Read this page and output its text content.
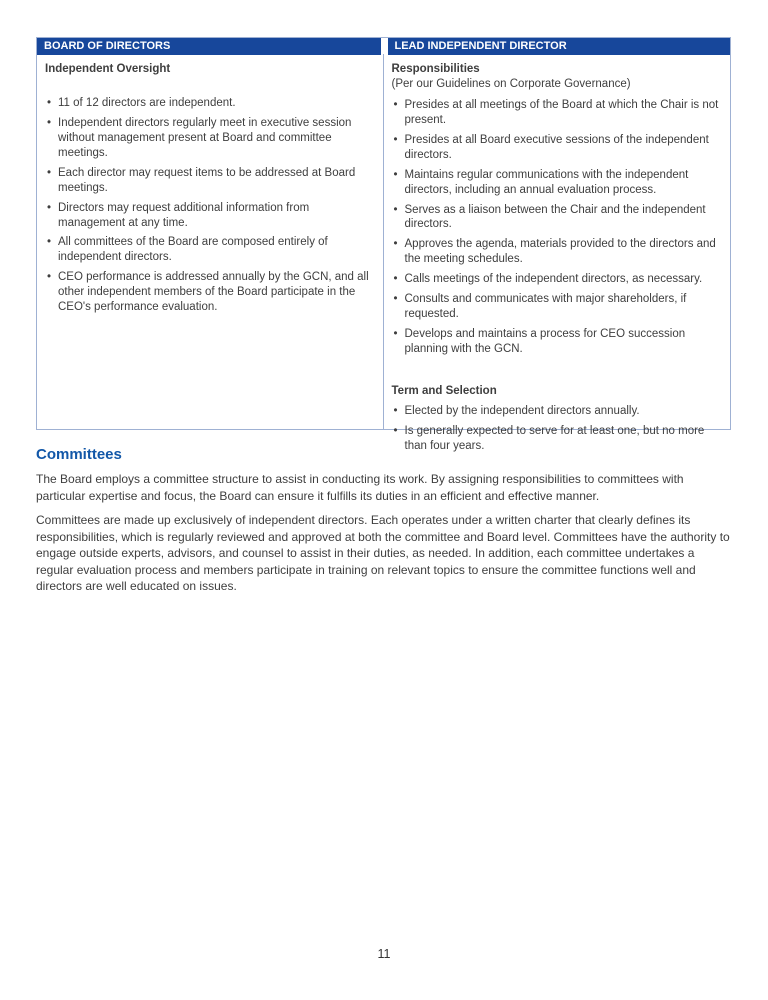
BOARD OF DIRECTORS
Independent Oversight
• 11 of 12 directors are independent.
• Independent directors regularly meet in executive session without management present at Board and committee meetings.
• Each director may request items to be addressed at Board meetings.
• Directors may request additional information from management at any time.
• All committees of the Board are composed entirely of independent directors.
• CEO performance is addressed annually by the GCN, and all other independent members of the Board participate in the CEO's performance evaluation.
LEAD INDEPENDENT DIRECTOR
Responsibilities
(Per our Guidelines on Corporate Governance)
• Presides at all meetings of the Board at which the Chair is not present.
• Presides at all Board executive sessions of the independent directors.
• Maintains regular communications with the independent directors, including an annual evaluation process.
• Serves as a liaison between the Chair and the independent directors.
• Approves the agenda, materials provided to the directors and the meeting schedules.
• Calls meetings of the independent directors, as necessary.
• Consults and communicates with major shareholders, if requested.
• Develops and maintains a process for CEO succession planning with the GCN.
Term and Selection
• Elected by the independent directors annually.
• Is generally expected to serve for at least one, but no more than four years.
Committees

The Board employs a committee structure to assist in conducting its work. By assigning responsibilities to committees with particular expertise and focus, the Board can ensure it fulfills its duties in an efficient and effective manner.

Committees are made up exclusively of independent directors. Each operates under a written charter that clearly defines its responsibilities, which is regularly reviewed and approved at both the committee and Board level. Committees have the authority to engage outside experts, advisors, and counsel to assist in their duties, as needed. In addition, each committee undertakes a regular evaluation process and members participate in training on relevant topics to ensure the committee functions well and directors are well educated on issues.

11
